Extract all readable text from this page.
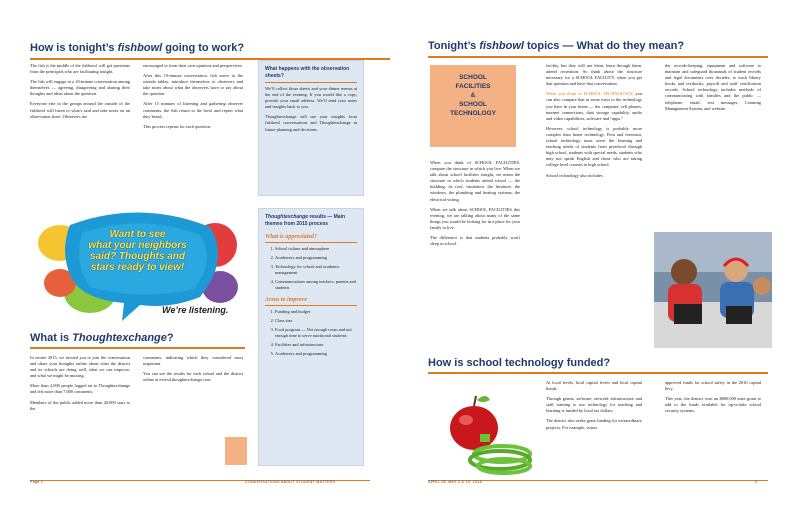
How is tonight’s fishbowl going to work?

The fish is the middle of the fishbowl will get questions from the principals who are facilitating tonight.

The fish will engage in a 10-minute conversation among themselves — agreeing, disagreeing and sharing their thoughts and ideas about the question.

Everyone else in the groups around the outside of the fishbowl will listen to what's said and take notes on an observation sheet. Observers are

encouraged to form their own opinions and perspectives.

After this 10-minute conversation, fish move to the outside tables, introduce themselves to observers and take notes about what the observers have to say about the question.

After 15 minutes of listening and gathering observer comments, the fish return to the bowl and report what they heard.

This process repeats for each question.

What happens with the observation sheets?

We’ll collect those sheets and your dinner menus at the end of the evening. If you would like a copy, provide your email address. We’ll send your notes and insights back to you.

Thoughtexchange will use your insights from fishbowl conversations and Thoughtexchange in future planning and decisions.

Want to see
what your neighbors
said? Thoughts and
stars ready to view!
We’re listening.
What is Thoughtexchange?

In winter 2015, we invited you to join the conversation and share your thoughts online about what the district and its schools are doing well, what we can improve, and what we might be missing.

More than 4,000 people logged on to Thoughtexchange and left more than 7,000 comments.

Members of the public added more than 20,000 stars to the

comments, indicating which they considered most important.

You can see the results for each school and the district online at eversd.thoughtexchange.com.

Thoughtexchange results — Main themes from 2015 process
What is appreciated?
1. School culture and atmosphere
2. Academics and programming
3. Technology for school and academic management
4. Communications among teachers, parents and students
Areas to improve
1. Funding and budget
2. Class size
3. Food program — Not enough room and not enough time to serve nutritional students
4. Facilities and infrastructure
5. Academics and programming
Page 2	CONVERSATIONS ABOUT STUDENT MATTERS
Tonight’s fishbowl topics — What do they mean?
SCHOOL
FACILITIES
&
SCHOOL
TECHNOLOGY

When you think of SCHOOL FACILITIES, compare the structure in which you live. When we talk about school facilities tonight, we mean the structure in which students attend school — the building, its roof, insulation, the furniture, the windows, the plumbing and heating systems, the electrical wiring.

When we talk about SCHOOL FACILITIES this evening, we are talking about many of the same things you would be looking for in a place for your family to live.

The difference is that students probably won't sleep in school.

facility, but they will use them, learn through them, attend recreation. So think about the structure necessary for a SCHOOL FACILITY, when you get that question and have that conversation.

When you think of SCHOOL TECHNOLOGY, you can also compare that in some ways to the technology you have in your home — the computer, cell phones, internet connections, data storage capability, audio and video capabilities, software and “apps.”

However, school technology is probably more complex than home technology. First and foremost, school technology must serve the learning and teaching needs of students from preschool through high school, students with special needs, students who may not speak English and those who are taking college level courses in high school.

School technology also includes

the records-keeping, equipment and software to maintain and safeguard thousands of student records and legal documents over decades, to track library books and textbooks, payroll and staff certification records. School technology includes methods of communicating with families and the public — telephone, email, text messages, Learning Management System, and website.

How is school technology funded?

At local levels, local capital levies and local capital bonds.

Through grants, software, network infrastructure and staff training to use technology for teaching and learning is funded by local tax dollars.

The district also seeks grant funding for extraordinary projects. For example, voters

approved funds for school safety in the 2010 capital levy.

This year, the district won an $800,000 state grant to add to the funds available for up-to-date school security systems.

APRIL 28, MAY 2 & 19, 2016	3
